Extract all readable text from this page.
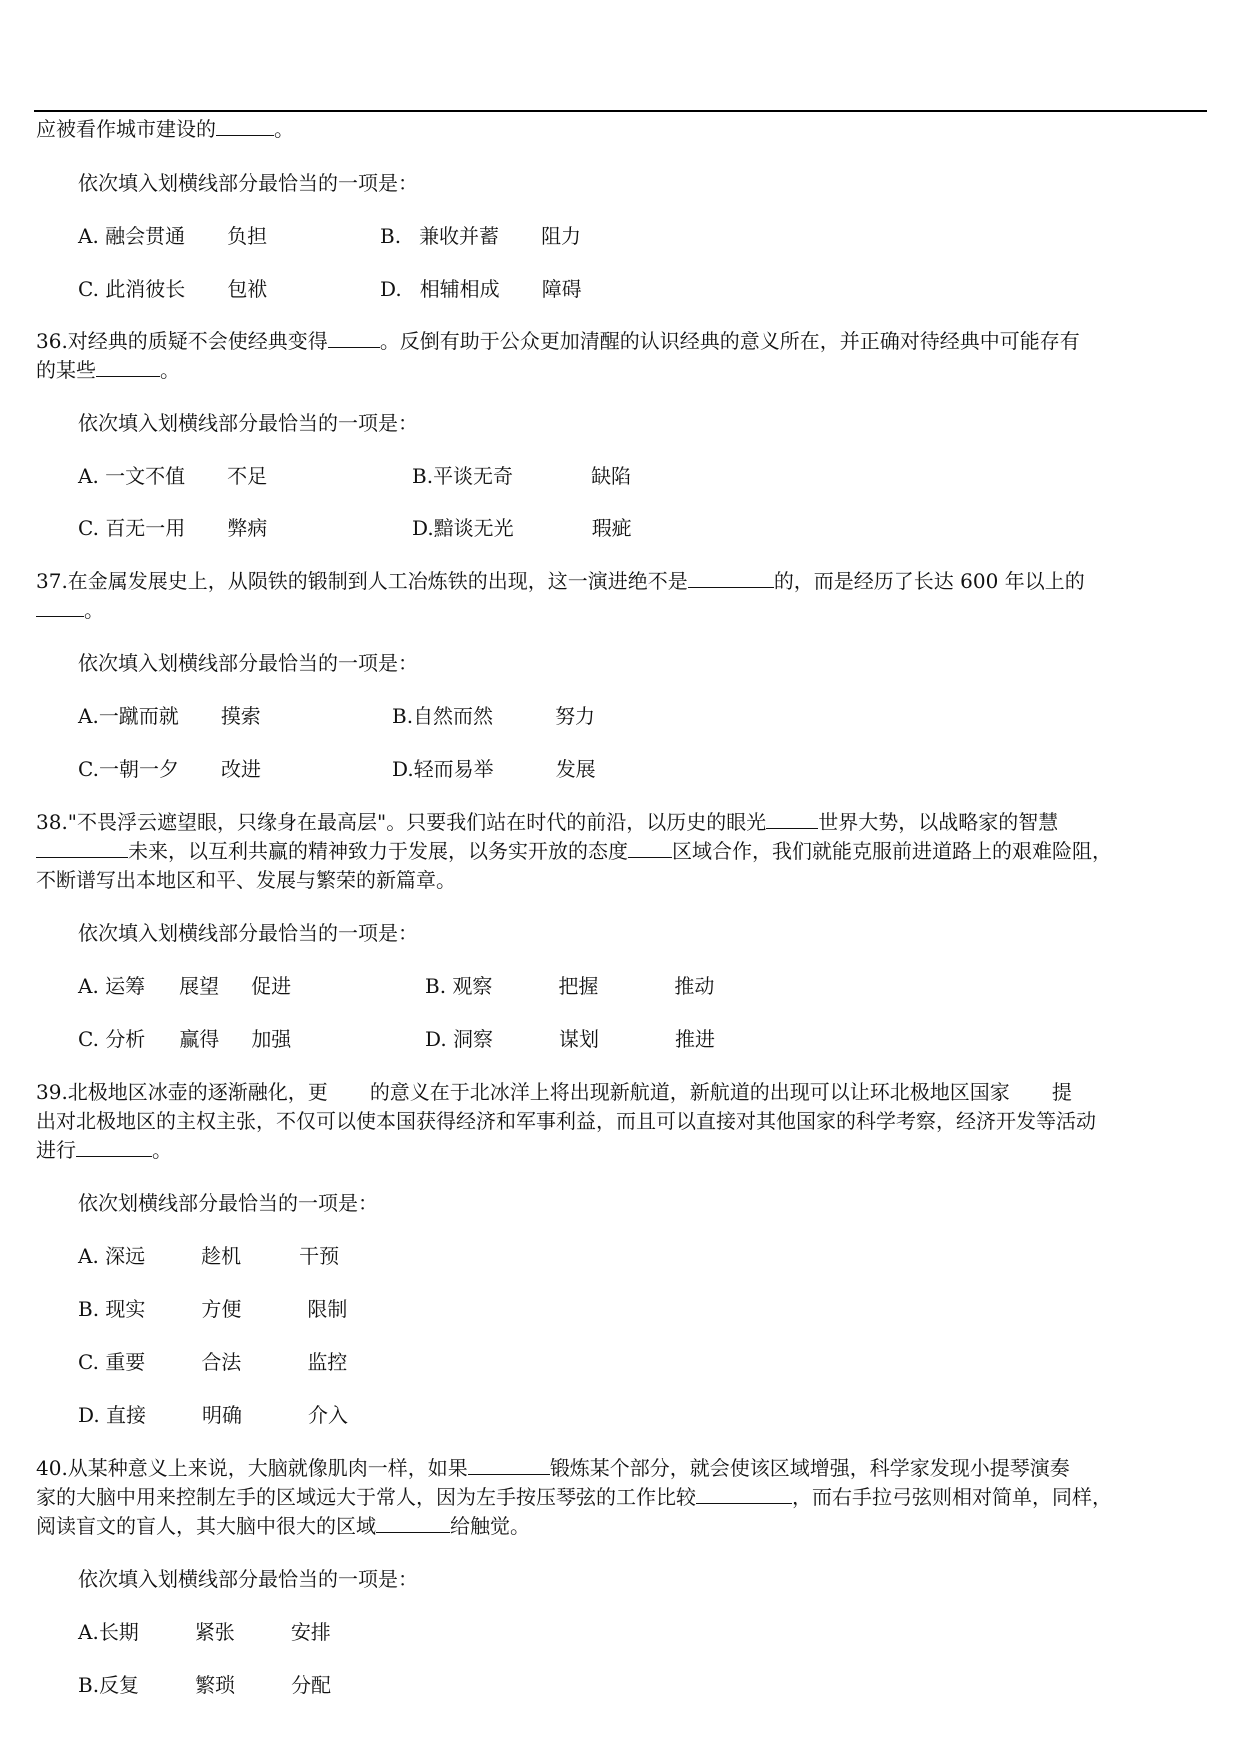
应被看作城市建设的	。
依次填入划横线部分最恰当的一项是：
A. 融会贯通 负担	B. 兼收并蓄 阻力
C. 此消彼长 包袱	D. 相辅相成 障碍
36.对经典的质疑不会使经典变得	。反倒有助于公众更加清醒的认识经典的意义所在，并正确对待经典中可能存有
的某些	。
依次填入划横线部分最恰当的一项是：
A. 一文不值 不足	B.平谈无奇	缺陷
C. 百无一用 弊病	D.黯谈无光	瑕疵
37.在金属发展史上，从陨铁的锻制到人工冶炼铁的出现，这一演进绝不是	的，而是经历了长达 600 年以上的
。
依次填入划横线部分最恰当的一项是：
A.一蹴而就 摸索	B.自然而然	努力
C.一朝一夕 改进	D.轻而易举	发展
38."不畏浮云遮望眼，只缘身在最高层"。只要我们站在时代的前沿，以历史的眼光	世界大势，以战略家的智慧
未来，以互利共赢的精神致力于发展，以务实开放的态度 区域合作，我们就能克服前进道路上的艰难险阻，
不断谱写出本地区和平、发展与繁荣的新篇章。
依次填入划横线部分最恰当的一项是：
A. 运筹 展望 促进	B. 观察	把握	推动
C. 分析 赢得 加强	D. 洞察	谋划	推进
39.北极地区冰壶的逐渐融化，更 的意义在于北冰洋上将出现新航道，新航道的出现可以让环北极地区国家 提
出对北极地区的主权主张，不仅可以使本国获得经济和军事利益，而且可以直接对其他国家的科学考察，经济开发等活动
进行	。
依次划横线部分最恰当的一项是：
A. 深远	趁机	干预
B. 现实	方便	限制
C. 重要	合法	监控
D. 直接	明确	介入
40.从某种意义上来说，大脑就像肌肉一样，如果	锻炼某个部分，就会使该区域增强，科学家发现小提琴演奏
家的大脑中用来控制左手的区域远大于常人，因为左手按压琴弦的工作比较	，而右手拉弓弦则相对简单，同样，
阅读盲文的盲人，其大脑中很大的区域	给触觉。
依次填入划横线部分最恰当的一项是：
A.长期	紧张	安排
B.反复	繁琐	分配
